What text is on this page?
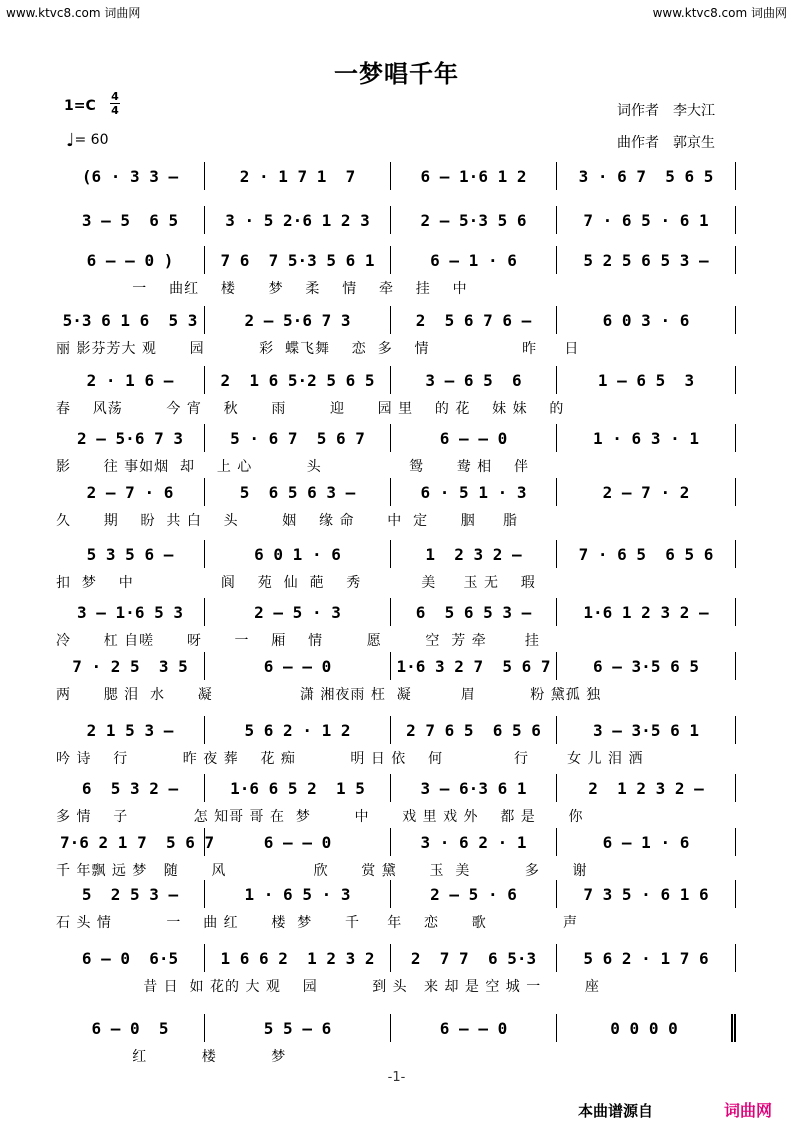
www.ktvc8.com 词曲网	www.ktvc8.com 词曲网
一梦唱千年
1=C
4
4
♩= 60
词作者 李大江
曲作者 郭京生
(6 · 3 3 –	2 · 1 7 1  7	6 – 1·6 1 2	3 · 6 7  5 6 5
3 – 5  6 5	3 · 5 2·6 1 2 3	2 – 5·3 5 6	7 · 6 5 · 6 1
6 – – 0 )	7 6  7 5·3 5 6 1	6 – 1 · 6	5 2 5 6 5 3 –
一    曲红    楼      梦    柔    情    牵    挂    中
5·3 6 1 6  5 3	2 – 5·6 7 3	2  5 6 7 6 –	6 0 3 · 6
丽 影芬芳大 观      园          彩  蝶飞舞    恋  多    情                 昨     日
2 · 1 6 –	2  1 6 5·2 5 6 5	3 – 6 5  6	1 – 6 5  3
春    风荡        今 宵    秋      雨        迎      园 里    的 花    妹 妹    的
2 – 5·6 7 3	5 · 6 7  5 6 7	6 – – 0	1 · 6 3 · 1
影      往 事如烟  却    上 心          头                鸳      鸯 相    伴
2 – 7 · 6	5  6 5 6 3 –	6 · 5 1 · 3	2 – 7 · 2
久      期    盼  共 白    头        姻    缘 命      中  定      胭     脂
5 3 5 6 –	6 0 1 · 6	1  2 3 2 –	7 · 6 5  6 5 6
扣  梦    中                阆    苑  仙  葩    秀           美     玉 无    瑕
3 – 1·6 5 3	2 – 5 · 3	6  5 6 5 3 –	1·6 1 2 3 2 –
冷      杠 自嗟      呀      一    厢    情        愿        空  芳 牵       挂
7 · 2 5  3 5	6 – – 0	1·6 3 2 7  5 6 7	6 – 3·5 6 5
两      腮 泪  水      凝                潇 湘夜雨 枉  凝         眉          粉 黛孤 独
2 1 5 3 –	5 6 2 · 1 2	2 7 6 5  6 5 6	3 – 3·5 6 1
吟 诗    行          昨 夜 葬    花 痴          明 日 依    何             行       女 儿 泪 洒
6  5 3 2 –	1·6 6 5 2  1 5	3 – 6·3 6 1	2  1 2 3 2 –
多 情    子            怎 知哥 哥 在  梦        中      戏 里 戏 外    都 是      你
7·6 2 1 7  5 6 7	6 – – 0	3 · 6 2 · 1	6 – 1 · 6
千 年飘 远 梦   随      风                欣      赏 黛      玉  美          多      谢
5  2 5 3 –	1 · 6 5 · 3	2 – 5 · 6	7 3 5 · 6 1 6
石 头 情          一    曲 红      楼  梦      千     年    恋      歌              声
6 – 0  6·5	1 6 6 2  1 2 3 2	2  7 7  6 5·3	5 6 2 · 1 7 6
昔 日  如 花的 大 观    园          到 头   来 却 是 空 城 一        座
6 – 0  5	5 5 – 6	6 – – 0	0 0 0 0
红          楼          梦
-1-
本曲谱源自	词曲网
